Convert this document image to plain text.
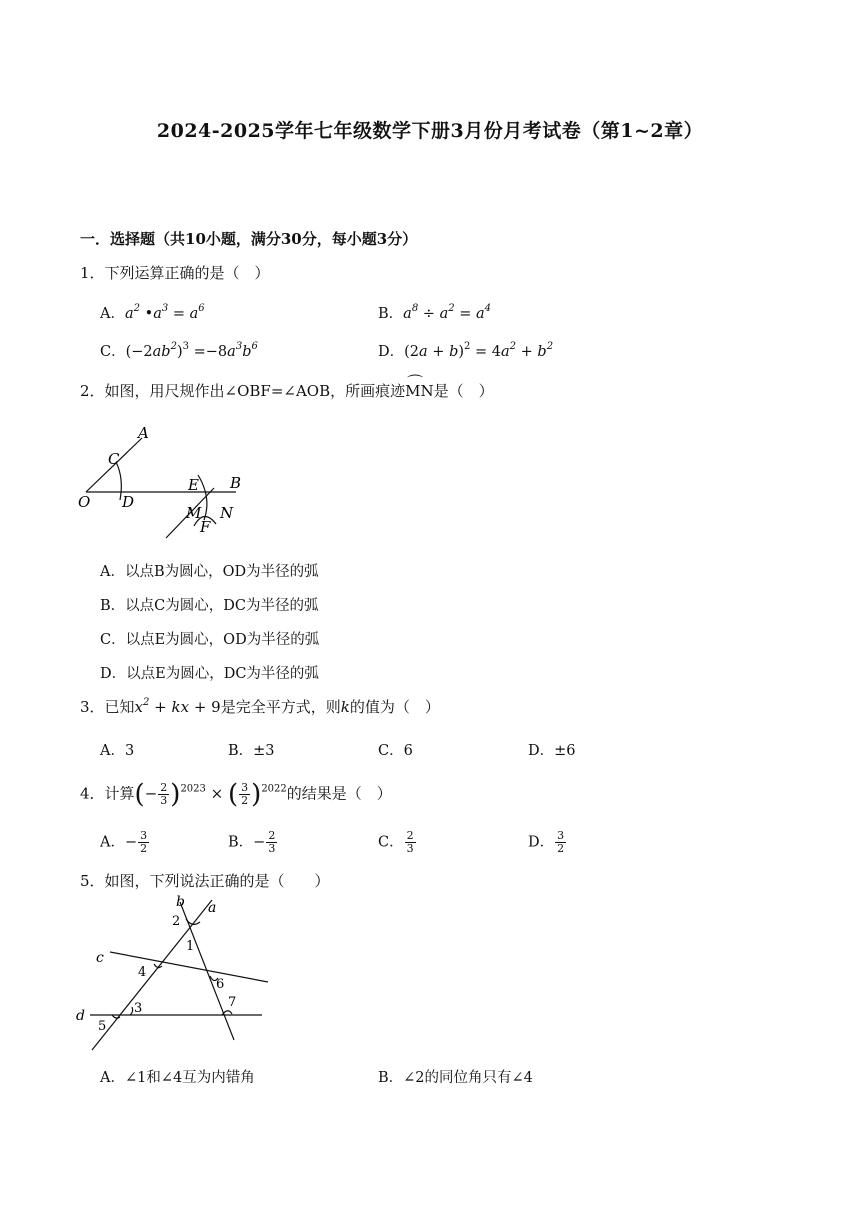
2024-2025学年七年级数学下册3月份月考试卷（第1~2章）
一．选择题（共10小题，满分30分，每小题3分）
1．下列运算正确的是（　）
A．$a^2$ $•a^3 = a^6$	B．$a^8 \div a^2 = a^4$
C．$(-2ab^2)^3 =-8a^3b^6$	D．$(2a + b)^2 = 4a^2 + b^2$
2．如图，用尺规作出∠OBF=∠AOB，所画痕迹⌒ MN是（　）
A
C
O D
E B
M N
F
A．以点B为圆心，OD为半径的弧
B．以点C为圆心，DC为半径的弧
C．以点E为圆心，OD为半径的弧
D．以点E为圆心，DC为半径的弧
3．已知$x^2$ + kx + 9是完全平方式，则k的值为（　）
A．3	B．±3	C．6	D．±6
4．计算(− $\frac{2}{3} )^{2023}$ × ( $\frac{3}{2} )^{2022}$的结果是（　）
A．− $\frac{3}{2}$	B．− $\frac{2}{3}$	C． $\frac{2}{3}$	D． $\frac{3}{2}$
5．如图，下列说法正确的是（　　）
b a
c
d
2
1
4
6
3	7
5
A．∠1和∠4互为内错角	B．∠2的同位角只有∠4
